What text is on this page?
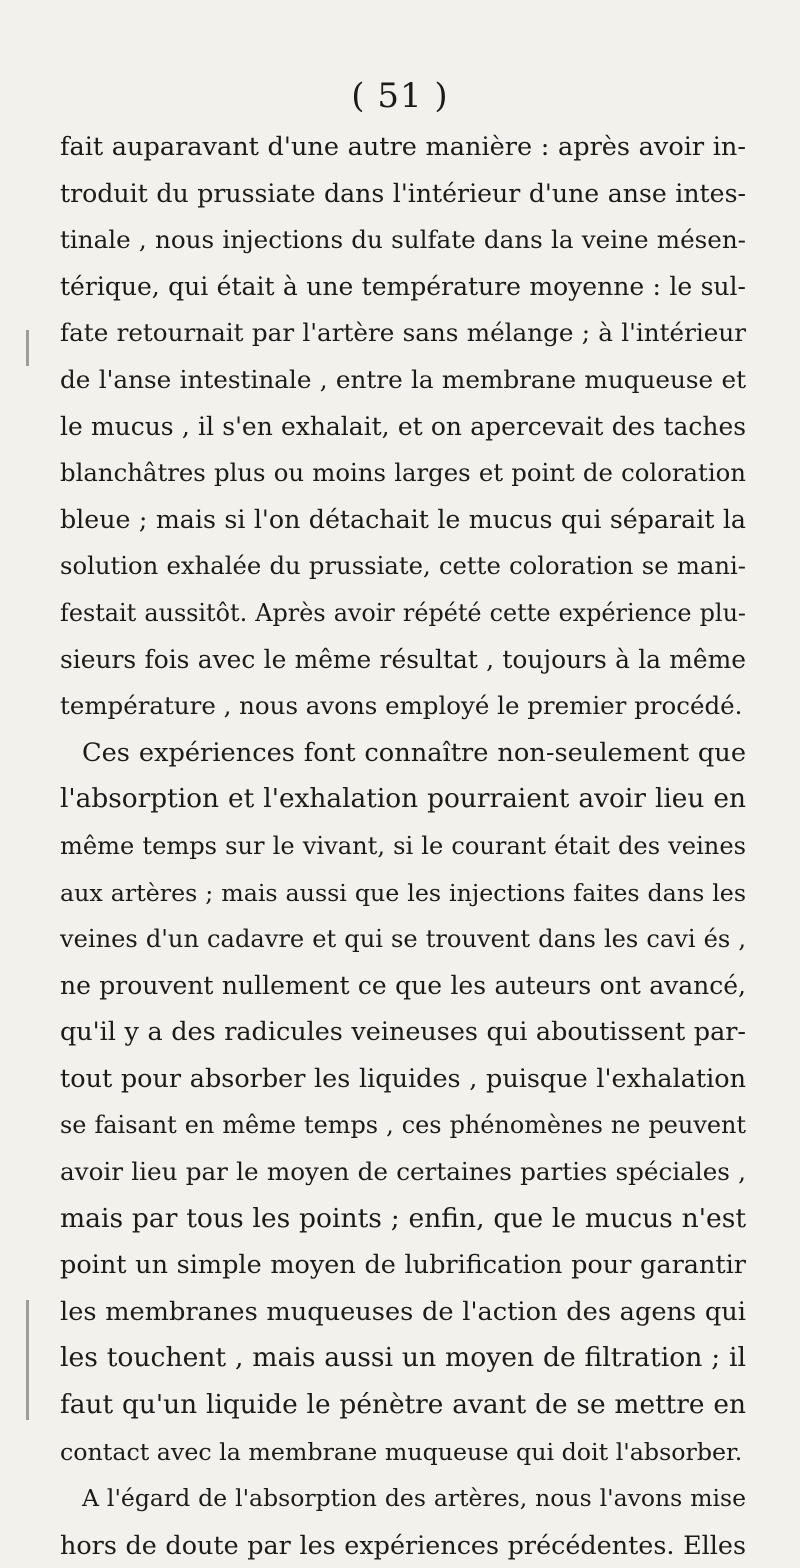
( 51 )
fait auparavant d'une autre manière : après avoir in-
troduit du prussiate dans l'intérieur d'une anse intes-
tinale , nous injections du sulfate dans la veine mésen-
térique, qui était à une température moyenne : le sul-
fate retournait par l'artère sans mélange ; à l'intérieur
de l'anse intestinale , entre la membrane muqueuse et
le mucus , il s'en exhalait, et on apercevait des taches
blanchâtres plus ou moins larges et point de coloration
bleue ; mais si l'on détachait le mucus qui séparait la
solution exhalée du prussiate, cette coloration se mani-
festait aussitôt. Après avoir répété cette expérience plu-
sieurs fois avec le même résultat , toujours à la même
température , nous avons employé le premier procédé.
Ces expériences font connaître non-seulement que
l'absorption et l'exhalation pourraient avoir lieu en
même temps sur le vivant, si le courant était des veines
aux artères ; mais aussi que les injections faites dans les
veines d'un cadavre et qui se trouvent dans les cavi és ,
ne prouvent nullement ce que les auteurs ont avancé,
qu'il y a des radicules veineuses qui aboutissent par-
tout pour absorber les liquides , puisque l'exhalation
se faisant en même temps , ces phénomènes ne peuvent
avoir lieu par le moyen de certaines parties spéciales ,
mais par tous les points ; enfin, que le mucus n'est
point un simple moyen de lubrification pour garantir
les membranes muqueuses de l'action des agens qui
les touchent , mais aussi un moyen de filtration ; il
faut qu'un liquide le pénètre avant de se mettre en
contact avec la membrane muqueuse qui doit l'absorber.
A l'égard de l'absorption des artères, nous l'avons mise
hors de doute par les expériences précédentes. Elles
